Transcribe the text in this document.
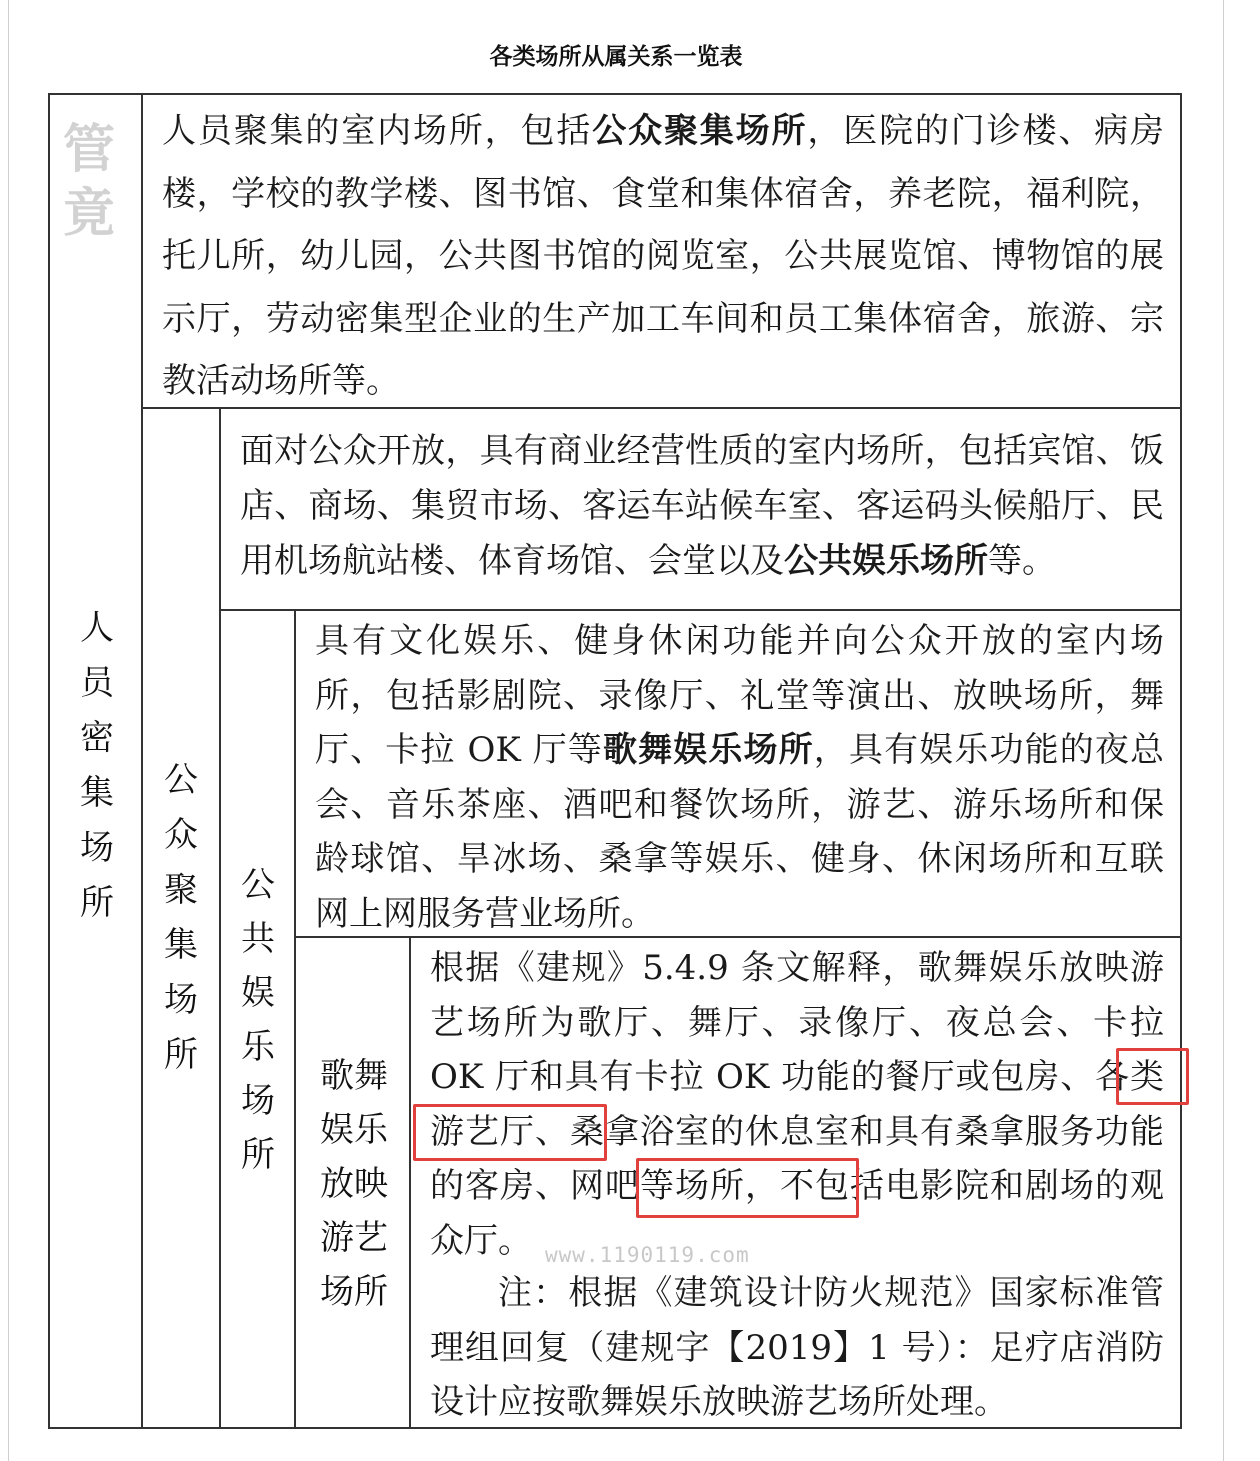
各类场所从属关系一览表
管竟
人
员
密
集
场
所
公
众
聚
集
场
所
公
共
娱
乐
场
所
歌舞
娱乐
放映
游艺
场所

人员聚集的室内场所，包括公众聚集场所，医院的门诊楼、病房楼，学校的教学楼、图书馆、食堂和集体宿舍，养老院，福利院，托儿所，幼儿园，公共图书馆的阅览室，公共展览馆、博物馆的展示厅，劳动密集型企业的生产加工车间和员工集体宿舍，旅游、宗教活动场所等。

面对公众开放，具有商业经营性质的室内场所，包括宾馆、饭店、商场、集贸市场、客运车站候车室、客运码头候船厅、民用机场航站楼、体育场馆、会堂以及公共娱乐场所等。

具有文化娱乐、健身休闲功能并向公众开放的室内场所，包括影剧院、录像厅、礼堂等演出、放映场所，舞厅、卡拉 OK 厅等歌舞娱乐场所，具有娱乐功能的夜总会、音乐茶座、酒吧和餐饮场所，游艺、游乐场所和保龄球馆、旱冰场、桑拿等娱乐、健身、休闲场所和互联网上网服务营业场所。

根据《建规》5.4.9 条文解释，歌舞娱乐放映游艺场所为歌厅、舞厅、录像厅、夜总会、卡拉 OK 厅和具有卡拉 OK 功能的餐厅或包房、各类游艺厅、桑拿浴室的休息室和具有桑拿服务功能的客房、网吧等场所，不包括电影院和剧场的观众厅。

注：根据《建筑设计防火规范》国家标准管理组回复（建规字【2019】1 号）：足疗店消防设计应按歌舞娱乐放映游艺场所处理。

www.1190119.com
